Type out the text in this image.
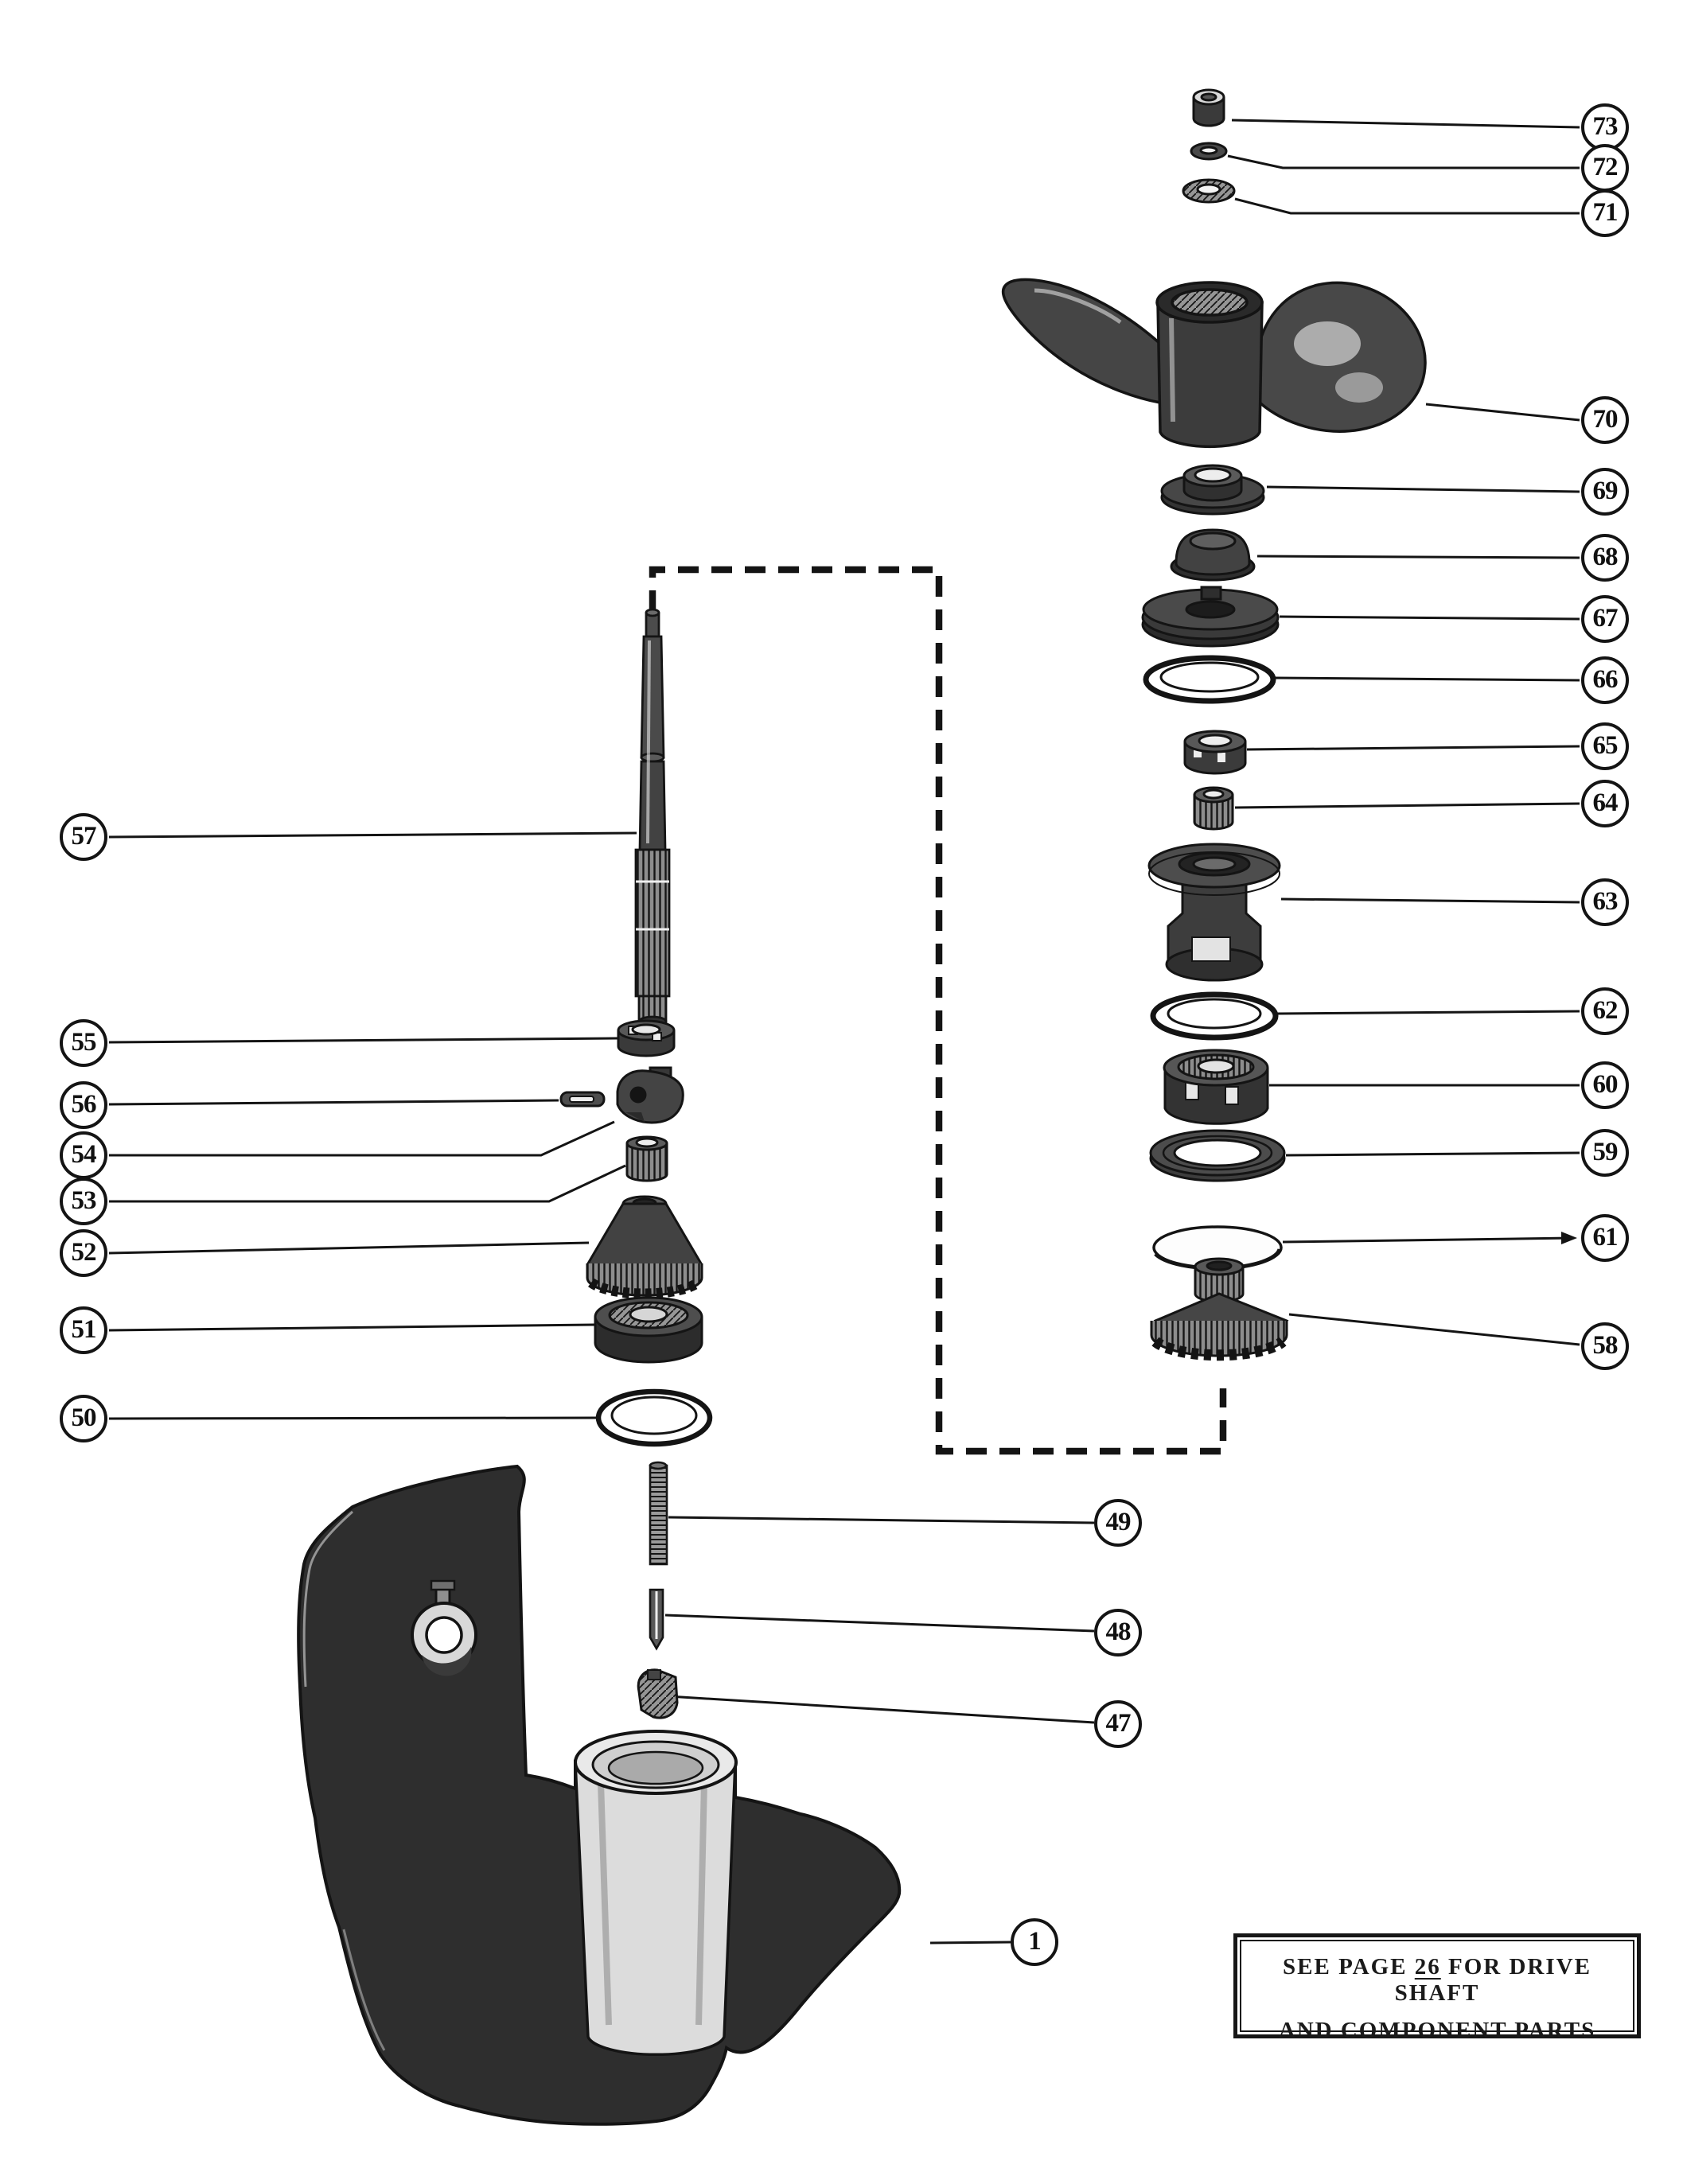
73
72
71
70
69
68
67
66
65
64
63
62
60
59
61
58
57
55
56
54
53
52
51
50
49
48
47
1
SEE PAGE 26 FOR DRIVE SHAFT
AND COMPONENT PARTS
